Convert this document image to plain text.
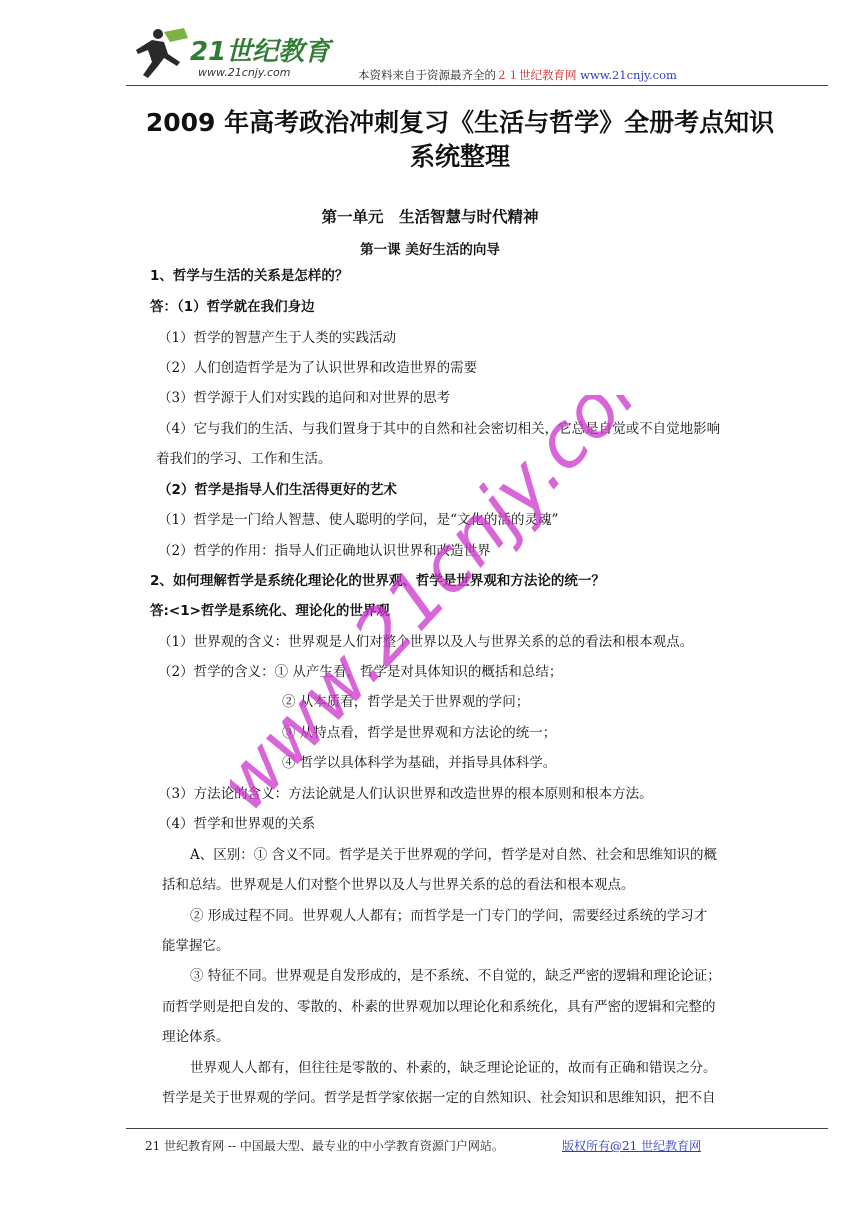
21世纪教育
www.21cnjy.com	本资料来自于资源最齐全的２１世纪教育网 www.21cnjy.com
2009 年高考政治冲刺复习《生活与哲学》全册考点知识
系统整理
第一单元　生活智慧与时代精神
第一课 美好生活的向导
1、哲学与生活的关系是怎样的？
答：（1）哲学就在我们身边
（1）哲学的智慧产生于人类的实践活动
（2）人们创造哲学是为了认识世界和改造世界的需要
（3）哲学源于人们对实践的追问和对世界的思考
（4）它与我们的生活、与我们置身于其中的自然和社会密切相关，它总是自觉或不自觉地影响
着我们的学习、工作和生活。
（2）哲学是指导人们生活得更好的艺术
（1）哲学是一门给人智慧、使人聪明的学问，是“文化的活的灵魂”
（2）哲学的作用：指导人们正确地认识世界和改造世界
2、如何理解哲学是系统化理论化的世界观、哲学是世界观和方法论的统一？
答:<1>哲学是系统化、理论化的世界观
（1）世界观的含义：世界观是人们对整个世界以及人与世界关系的总的看法和根本观点。
（2）哲学的含义：① 从产生看，哲学是对具体知识的概括和总结；
② 从本质看，哲学是关于世界观的学问；
③ 从特点看，哲学是世界观和方法论的统一；
④ 哲学以具体科学为基础，并指导具体科学。
（3）方法论的含义：方法论就是人们认识世界和改造世界的根本原则和根本方法。
（4）哲学和世界观的关系
A、区别：① 含义不同。哲学是关于世界观的学问，哲学是对自然、社会和思维知识的概
括和总结。世界观是人们对整个世界以及人与世界关系的总的看法和根本观点。
② 形成过程不同。世界观人人都有；而哲学是一门专门的学问，需要经过系统的学习才
能掌握它。
③ 特征不同。世界观是自发形成的，是不系统、不自觉的，缺乏严密的逻辑和理论论证；
而哲学则是把自发的、零散的、朴素的世界观加以理论化和系统化，具有严密的逻辑和完整的
理论体系。
世界观人人都有，但往往是零散的、朴素的，缺乏理论论证的，故而有正确和错误之分。
哲学是关于世界观的学问。哲学是哲学家依据一定的自然知识、社会知识和思维知识，把不自
www.21cnjy.com
21 世纪教育网 -- 中国最大型、最专业的中小学教育资源门户网站。	版权所有@21 世纪教育网
